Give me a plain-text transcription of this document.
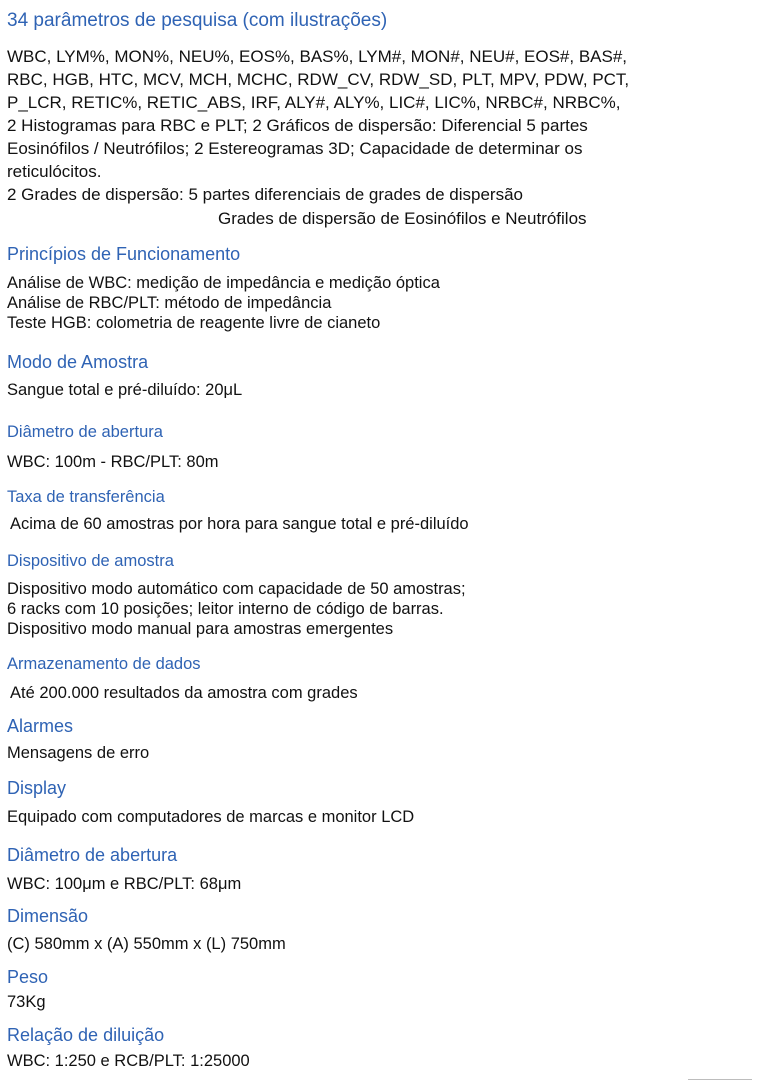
34 parâmetros de pesquisa (com ilustrações)
WBC, LYM%, MON%, NEU%, EOS%, BAS%, LYM#, MON#, NEU#, EOS#, BAS#,
RBC, HGB, HTC, MCV, MCH, MCHC, RDW_CV, RDW_SD, PLT, MPV, PDW, PCT,
P_LCR, RETIC%, RETIC_ABS, IRF, ALY#, ALY%, LIC#, LIC%, NRBC#, NRBC%,
2 Histogramas para RBC e PLT; 2 Gráficos de dispersão: Diferencial 5 partes
Eosinófilos / Neutrófilos; 2 Estereogramas 3D; Capacidade de determinar os
reticulócitos.
2 Grades de dispersão: 5 partes diferenciais de grades de dispersão
Grades de dispersão de Eosinófilos e Neutrófilos
Princípios de Funcionamento
Análise de WBC: medição de impedância e medição óptica
Análise de RBC/PLT: método de impedância
Teste HGB: colometria de reagente livre de cianeto
Modo de Amostra
Sangue total e pré-diluído: 20μL
Diâmetro de abertura
WBC: 100m - RBC/PLT: 80m
Taxa de transferência
Acima de 60 amostras por hora para sangue total e pré-diluído
Dispositivo de amostra
Dispositivo modo automático com capacidade de 50 amostras;
6 racks com 10 posições; leitor interno de código de barras.
Dispositivo modo manual para amostras emergentes
Armazenamento de dados
Até 200.000 resultados da amostra com grades
Alarmes
Mensagens de erro
Display
Equipado com computadores de marcas e monitor LCD
Diâmetro de abertura
WBC: 100μm e RBC/PLT: 68μm
Dimensão
(C) 580mm x (A) 550mm x (L) 750mm
Peso
73Kg
Relação de diluição
WBC: 1:250 e RCB/PLT: 1:25000
